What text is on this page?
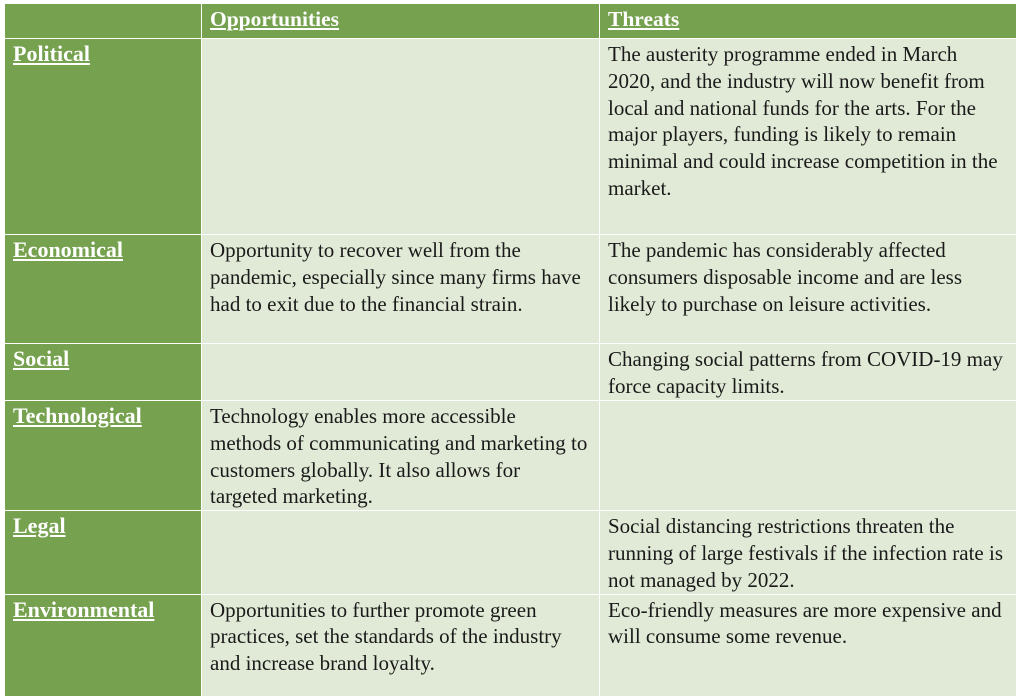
	Opportunities	Threats
Political		The austerity programme ended in March 2020, and the industry will now benefit from local and national funds for the arts. For the major players, funding is likely to remain minimal and could increase competition in the market.
Economical	Opportunity to recover well from the pandemic, especially since many firms have had to exit due to the financial strain.	The pandemic has considerably affected consumers disposable income and are less likely to purchase on leisure activities.
Social		Changing social patterns from COVID-19 may force capacity limits.
Technological	Technology enables more accessible methods of communicating and marketing to customers globally. It also allows for targeted marketing.	
Legal		Social distancing restrictions threaten the running of large festivals if the infection rate is not managed by 2022.
Environmental	Opportunities to further promote green practices, set the standards of the industry and increase brand loyalty.	Eco-friendly measures are more expensive and will consume some revenue.
